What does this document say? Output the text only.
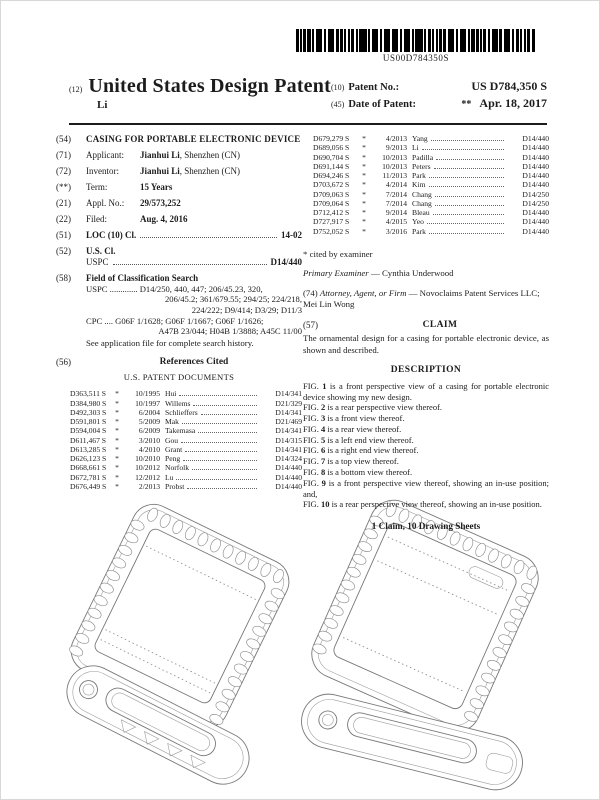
US00D784350S
(12) United States Design Patent
Li
(10) Patent No.:	US D784,350 S
(45) Date of Patent:	** Apr. 18, 2017
(54)	CASING FOR PORTABLE ELECTRONIC DEVICE
(71)	Applicant: Jianhui Li, Shenzhen (CN)
(72)	Inventor: Jianhui Li, Shenzhen (CN)
(**)	Term:	15 Years
(21)	Appl. No.: 29/573,252
(22)	Filed:	Aug. 4, 2016
(51)	LOC (10) Cl.	14-02
(52)	U.S. Cl.
USPC	D14/440
(58)	Field of Classification Search
USPC ............. D14/250, 440, 447; 206/45.23, 320,
206/45.2; 361/679.55; 294/25; 224/218,
224/222; D9/414; D3/29; D11/3
CPC .... G06F 1/1628; G06F 1/1667; G06F 1/1626;
A47B 23/044; H04B 1/3888; A45C 11/00
See application file for complete search history.
(56)	References Cited
U.S. PATENT DOCUMENTS
D363,511 S	*	10/1995 Hui	D14/341
D384,980 S	*	10/1997 Willems	D21/329
D492,303 S	*	6/2004 Schlieffers	D14/341
D591,801 S	*	5/2009 Mak	D21/469
D594,004 S	*	6/2009 Takemasa	D14/341
D611,467 S	*	3/2010 Gou	D14/315
D613,285 S	*	4/2010 Grant	D14/341
D626,123 S	*	10/2010 Peng	D14/324
D668,661 S	*	10/2012 Norfolk	D14/440
D672,781 S	*	12/2012 Lu	D14/440
D676,449 S	*	2/2013 Probst	D14/440
D679,279 S	*	4/2013 Yang	D14/440
D689,056 S	*	9/2013 Li	D14/440
D690,704 S	*	10/2013 Padilla	D14/440
D691,144 S	*	10/2013 Peters	D14/440
D694,246 S	*	11/2013 Park	D14/440
D703,672 S	*	4/2014 Kim	D14/440
D709,063 S	*	7/2014 Chang	D14/250
D709,064 S	*	7/2014 Chang	D14/250
D712,412 S	*	9/2014 Bleau	D14/440
D727,917 S	*	4/2015 Yeo	D14/440
D752,052 S	*	3/2016 Park	D14/440
* cited by examiner

Primary Examiner — Cynthia Underwood

(74) Attorney, Agent, or Firm — Novoclaims Patent Services LLC; Mei Lin Wong

(57)	CLAIM
The ornamental design for a casing for portable electronic device, as shown and described.
DESCRIPTION

FIG. 1 is a front perspective view of a casing for portable electronic device showing my new design.

FIG. 2 is a rear perspective view thereof.

FIG. 3 is a front view thereof.

FIG. 4 is a rear view thereof.

FIG. 5 is a left end view thereof.

FIG. 6 is a right end view thereof.

FIG. 7 is a top view thereof.

FIG. 8 is a bottom view thereof.

FIG. 9 is a front perspective view thereof, showing an in-use position; and,

FIG. 10 is a rear perspective view thereof, showing an in-use position.

1 Claim, 10 Drawing Sheets
